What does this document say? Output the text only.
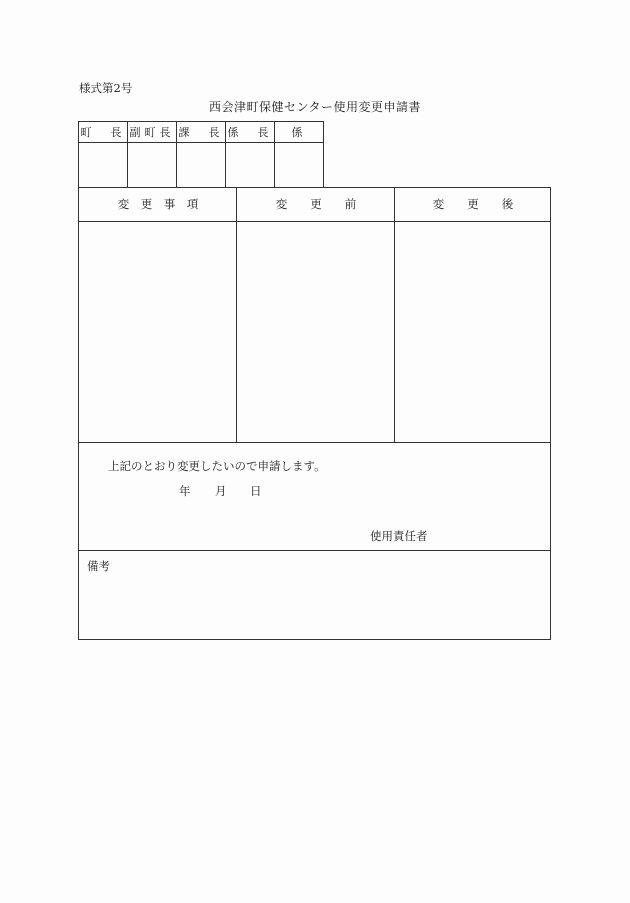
様式第2号
西会津町保健センター使用変更申請書
町　長	副町長	課　長	係　長	係

変　更　事　項	変　　更　　前	変　　更　　後
上記のとおり変更したいので申請します。
年 月 日
使用責任者
備考
